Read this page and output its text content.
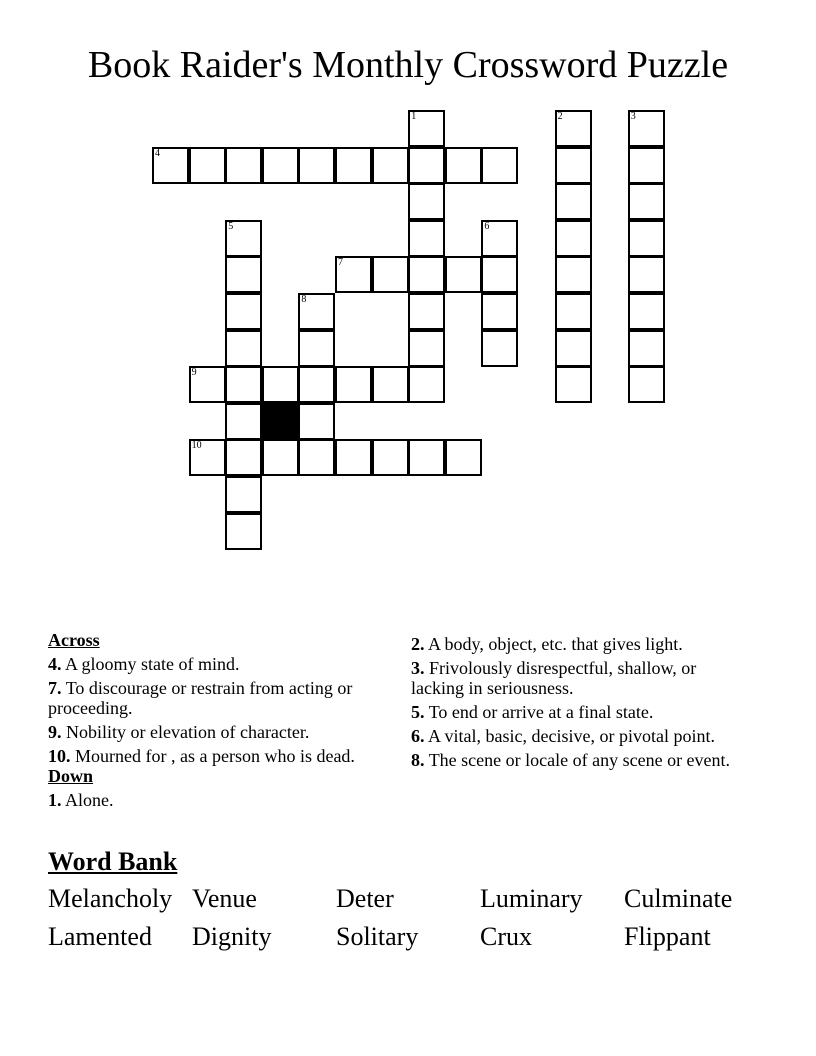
Book Raider's Monthly Crossword Puzzle
4
1	2	3
6
7
5
8
9
10
Across
4. A gloomy state of mind.
7. To discourage or restrain from acting or proceeding.
9. Nobility or elevation of character.
10. Mourned for , as a person who is dead.
Down
1. Alone.
2. A body, object, etc. that gives light.
3. Frivolously disrespectful, shallow, or lacking in seriousness.
5. To end or arrive at a final state.
6. A vital, basic, decisive, or pivotal point.
8. The scene or locale of any scene or event.
Word Bank
Melancholy Venue	Deter	Luminary	Culminate
Lamented	Dignity	Solitary	Crux	Flippant
